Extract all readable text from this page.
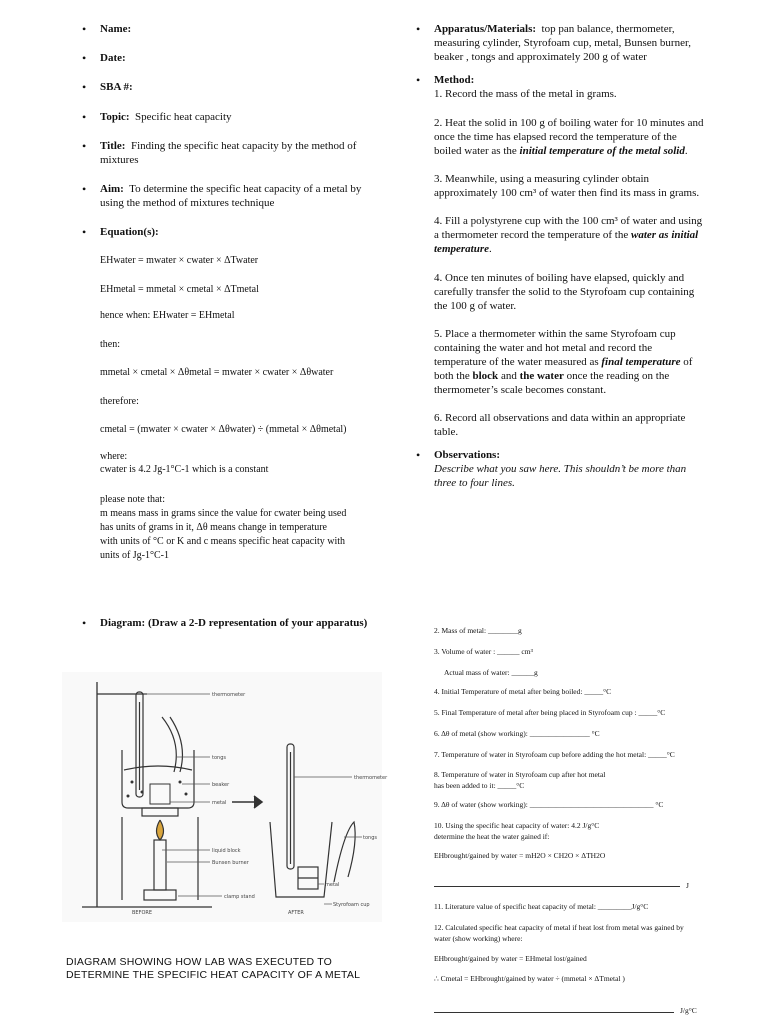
• Name:
• Date:
• SBA #:
• Topic: Specific heat capacity
• Title: Finding the specific heat capacity by the method of
mixtures
• Aim: To determine the specific heat capacity of a metal by
using the method of mixtures technique
• Equation(s):
EHwater = mwater × cwater × ΔTwater
EHmetal = mmetal × cmetal × ΔTmetal
hence when: EHwater = EHmetal
then:
mmetal × cmetal × Δθmetal = mwater × cwater × Δθwater
therefore:
cmetal = (mwater × cwater × Δθwater) ÷ (mmetal × Δθmetal)
where:
cwater is 4.2 Jg-1°C-1 which is a constant
please note that:
m means mass in grams since the value for cwater being used
has units of grams in it, Δθ means change in temperature
with units of °C or K and c means specific heat capacity with
units of Jg-1°C-1
• Diagram: (Draw a 2-D representation of your apparatus)
thermometer
tongs
beaker
metal
liquid block
Bunsen burner
clamp stand
BEFORE	AFTER
thermometer
tongs
metal
Styrofoam cup
DIAGRAM SHOWING HOW LAB WAS EXECUTED TO
DETERMINE THE SPECIFIC HEAT CAPACITY OF A METAL
• Apparatus/Materials: top pan balance, thermometer,
measuring cylinder, Styrofoam cup, metal, Bunsen burner,
beaker , tongs and approximately 200 g of water
• Method:
1. Record the mass of the metal in grams.
2. Heat the solid in 100 g of boiling water for 10 minutes and
once the time has elapsed record the temperature of the
boiled water as the initial temperature of the metal solid.
3. Meanwhile, using a measuring cylinder obtain
approximately 100 cm³ of water then find its mass in grams.
4. Fill a polystyrene cup with the 100 cm³ of water and using
a thermometer record the temperature of the water as initial
temperature.
4. Once ten minutes of boiling have elapsed, quickly and
carefully transfer the solid to the Styrofoam cup containing
the 100 g of water.
5. Place a thermometer within the same Styrofoam cup
containing the water and hot metal and record the
temperature of the water measured as final temperature of
both the block and the water once the reading on the
thermometer’s scale becomes constant.
6. Record all observations and data within an appropriate
table.
• Observations:
Describe what you saw here. This shouldn’t be more than
three to four lines.
2. Mass of metal: ________g
3. Volume of water : ______ cm³
Actual mass of water: ______g
4. Initial Temperature of metal after being boiled: _____°C
5. Final Temperature of metal after being placed in Styrofoam cup : _____°C
6. Δθ of metal (show working): ________________ °C
7. Temperature of water in Styrofoam cup before adding the hot metal: _____°C
8. Temperature of water in Styrofoam cup after hot metal
has been added to it: _____°C
9. Δθ of water (show working): _________________________________ °C
10. Using the specific heat capacity of water: 4.2 J/g°C
determine the heat the water gained if:
EHbrought/gained by water = mH2O × CH2O × ΔTH2O
J
11. Literature value of specific heat capacity of metal: _________J/g°C
12. Calculated specific heat capacity of metal if heat lost from metal was gained by
water (show working) where:
EHbrought/gained by water = EHmetal lost/gained
∴ Cmetal = EHbrought/gained by water ÷ (mmetal × ΔTmetal )
J/g°C
